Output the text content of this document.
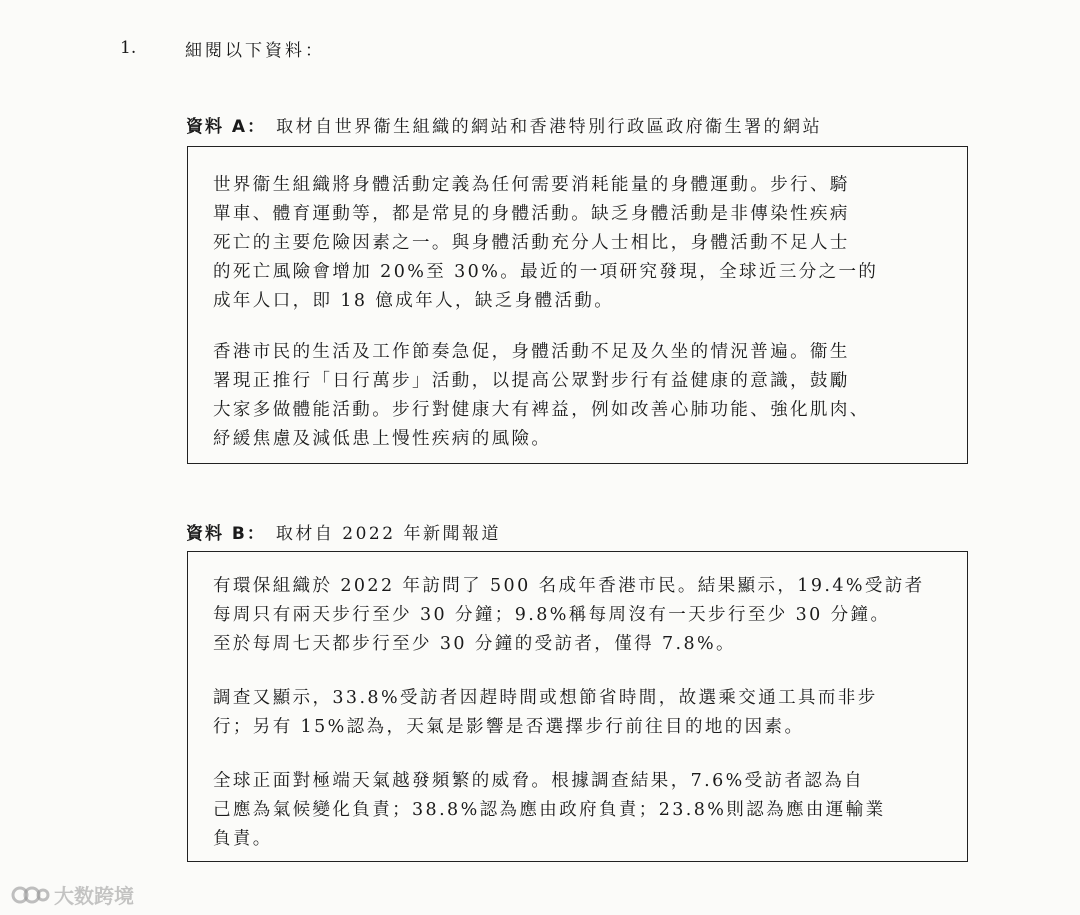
1.	細閱以下資料：
資料 A： 取材自世界衞生組織的網站和香港特別行政區政府衞生署的網站

世界衞生組織將身體活動定義為任何需要消耗能量的身體運動。步行、騎
單車、體育運動等，都是常見的身體活動。缺乏身體活動是非傳染性疾病
死亡的主要危險因素之一。與身體活動充分人士相比，身體活動不足人士
的死亡風險會增加 20%至 30%。最近的一項研究發現，全球近三分之一的
成年人口，即 18 億成年人，缺乏身體活動。

香港市民的生活及工作節奏急促，身體活動不足及久坐的情況普遍。衞生
署現正推行「日行萬步」活動，以提高公眾對步行有益健康的意識，鼓勵
大家多做體能活動。步行對健康大有裨益，例如改善心肺功能、強化肌肉、
紓緩焦慮及減低患上慢性疾病的風險。

資料 B： 取材自 2022 年新聞報道

有環保組織於 2022 年訪問了 500 名成年香港市民。結果顯示，19.4%受訪者
每周只有兩天步行至少 30 分鐘；9.8%稱每周沒有一天步行至少 30 分鐘。
至於每周七天都步行至少 30 分鐘的受訪者，僅得 7.8%。

調查又顯示，33.8%受訪者因趕時間或想節省時間，故選乘交通工具而非步
行；另有 15%認為，天氣是影響是否選擇步行前往目的地的因素。

全球正面對極端天氣越發頻繁的威脅。根據調查結果，7.6%受訪者認為自
己應為氣候變化負責；38.8%認為應由政府負責；23.8%則認為應由運輸業
負責。

大数跨境
